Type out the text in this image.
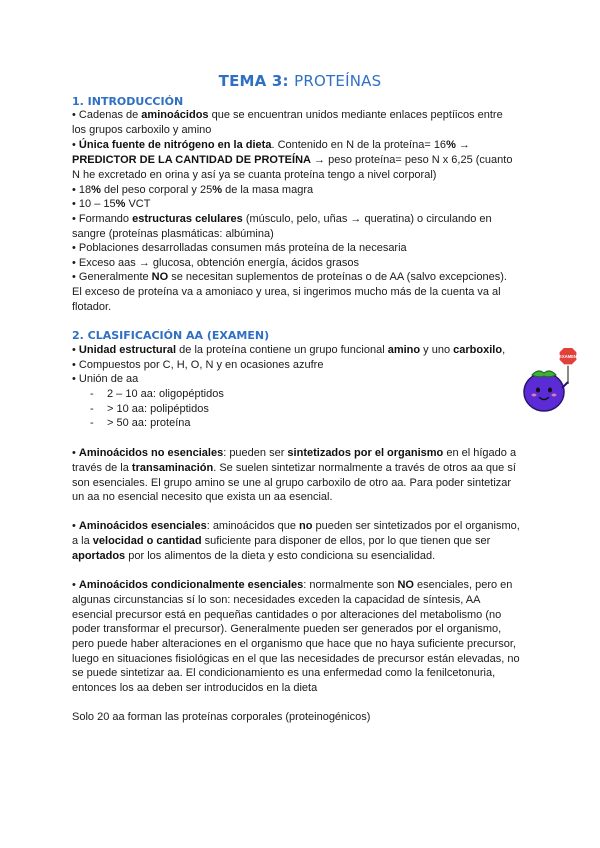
TEMA 3: PROTEÍNAS
1. INTRODUCCIÓN
• Cadenas de aminoácidos que se encuentran unidos mediante enlaces peptíicos entre
los grupos carboxilo y amino
• Única fuente de nitrógeno en la dieta. Contenido en N de la proteína= 16% →
PREDICTOR DE LA CANTIDAD DE PROTEÍNA → peso proteína= peso N x 6,25 (cuanto
N he excretado en orina y así ya se cuanta proteína tengo a nivel corporal)
• 18% del peso corporal y 25% de la masa magra
• 10 – 15% VCT
• Formando estructuras celulares (músculo, pelo, uñas → queratina) o circulando en
sangre (proteínas plasmáticas: albúmina)
• Poblaciones desarrolladas consumen más proteína de la necesaria
• Exceso aas → glucosa, obtención energía, ácidos grasos
• Generalmente NO se necesitan suplementos de proteínas o de AA (salvo excepciones).
El exceso de proteína va a amoniaco y urea, si ingerimos mucho más de la cuenta va al
flotador.
2. CLASIFICACIÓN AA (EXAMEN)
• Unidad estructural de la proteína contiene un grupo funcional amino y uno carboxilo,
• Compuestos por C, H, O, N y en ocasiones azufre
• Unión de aa
- 2 – 10 aa: oligopéptidos
- > 10 aa: polipéptidos
- > 50 aa: proteína
• Aminoácidos no esenciales: pueden ser sintetizados por el organismo en el hígado a
través de la transaminación. Se suelen sintetizar normalmente a través de otros aa que sí
son esenciales. El grupo amino se une al grupo carboxilo de otro aa. Para poder sintetizar
un aa no esencial necesito que exista un aa esencial.
• Aminoácidos esenciales: aminoácidos que no pueden ser sintetizados por el organismo,
a la velocidad o cantidad suficiente para disponer de ellos, por lo que tienen que ser
aportados por los alimentos de la dieta y esto condiciona su esencialidad.
• Aminoácidos condicionalmente esenciales: normalmente son NO esenciales, pero en
algunas circunstancias sí lo son: necesidades exceden la capacidad de síntesis, AA
esencial precursor está en pequeñas cantidades o por alteraciones del metabolismo (no
poder transformar el precursor). Generalmente pueden ser generados por el organismo,
pero puede haber alteraciones en el organismo que hace que no haya suficiente precursor,
luego en situaciones fisiológicas en el que las necesidades de precursor están elevadas, no
se puede sintetizar aa. El condicionamiento es una enfermedad como la fenilcetonuria,
entonces los aa deben ser introducidos en la dieta
Solo 20 aa forman las proteínas corporales (proteinogénicos)
EXAMEN
